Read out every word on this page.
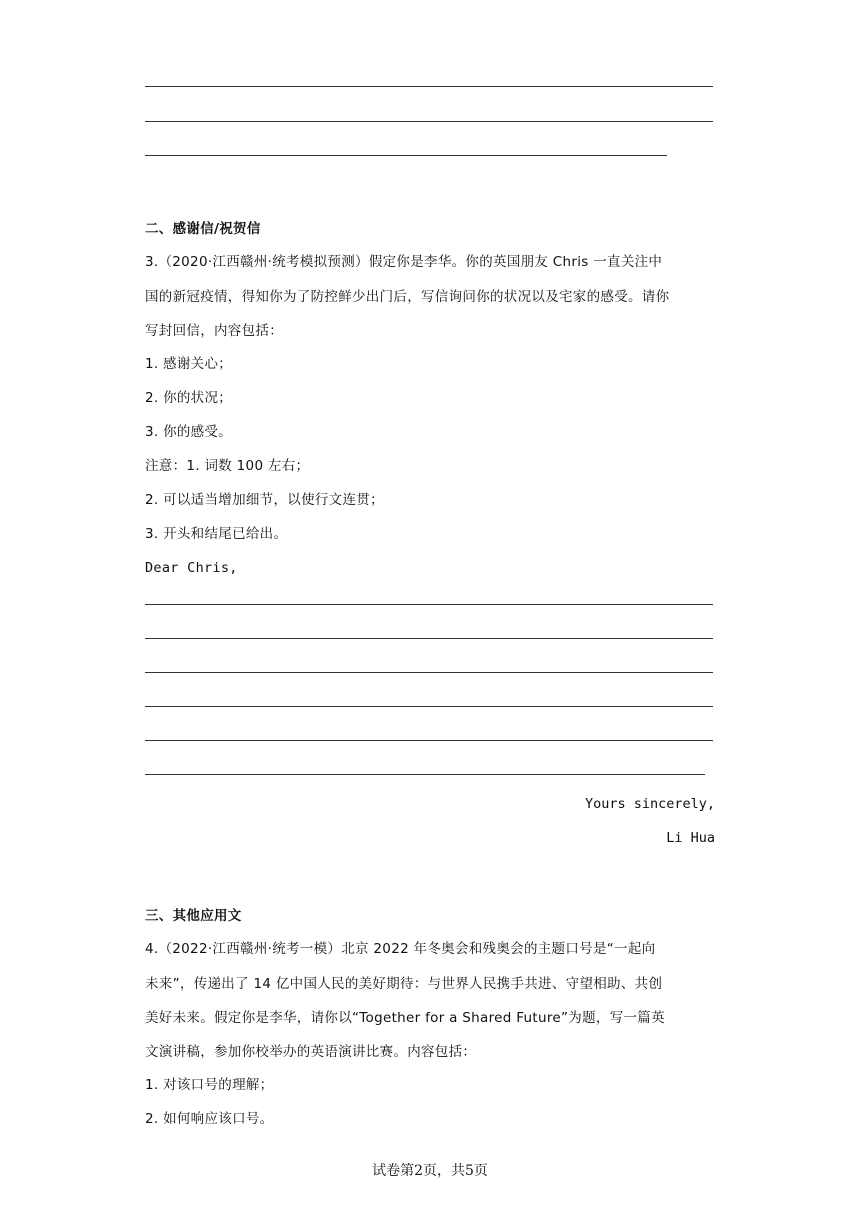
二、感谢信/祝贺信
3.（2020·江西赣州·统考模拟预测）假定你是李华。你的英国朋友 Chris 一直关注中
国的新冠疫情，得知你为了防控鲜少出门后，写信询问你的状况以及宅家的感受。请你
写封回信，内容包括：
1. 感谢关心；
2. 你的状况；
3. 你的感受。
注意：1. 词数 100 左右；
2. 可以适当增加细节，以使行文连贯；
3. 开头和结尾已给出。
Dear Chris,
Yours sincerely,
Li Hua
三、其他应用文
4.（2022·江西赣州·统考一模）北京 2022 年冬奥会和残奥会的主题口号是“一起向
未来”，传递出了 14 亿中国人民的美好期待：与世界人民携手共进、守望相助、共创
美好未来。假定你是李华，请你以“Together for a Shared Future”为题，写一篇英
文演讲稿，参加你校举办的英语演讲比赛。内容包括：
1. 对该口号的理解；
2. 如何响应该口号。
试卷第2页，共5页
